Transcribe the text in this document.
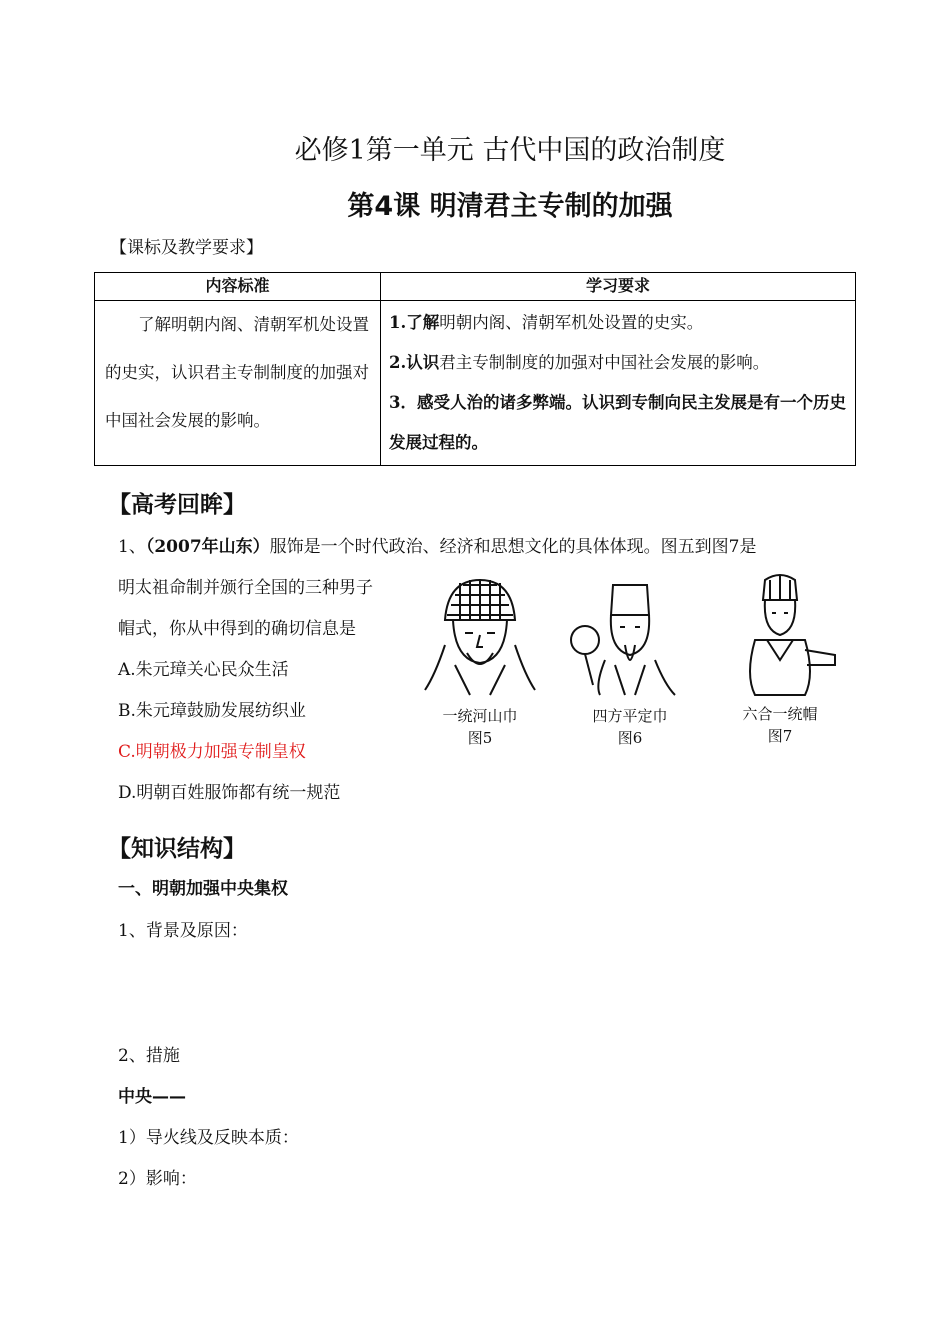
必修1第一单元 古代中国的政治制度
第4课 明清君主专制的加强
【课标及教学要求】
内容标准	学习要求

了解明朝内阁、清朝军机处设置的史实，认识君主专制制度的加强对中国社会发展的影响。	1.了解明朝内阁、清朝军机处设置的史实。
2.认识君主专制制度的加强对中国社会发展的影响。
3．感受人治的诸多弊端。认识到专制向民主发展是有一个历史发展过程的。
【高考回眸】
1、（2007年山东）服饰是一个时代政治、经济和思想文化的具体体现。图五到图7是
明太祖命制并颁行全国的三种男子
帽式，你从中得到的确切信息是
A.朱元璋关心民众生活
B.朱元璋鼓励发展纺织业
C.明朝极力加强专制皇权
D.明朝百姓服饰都有统一规范
一统河山巾
图5
四方平定巾
图6
六合一统帽
图7
【知识结构】
一、明朝加强中央集权
1、背景及原因：
2、措施
中央——
1）导火线及反映本质：
2）影响：
